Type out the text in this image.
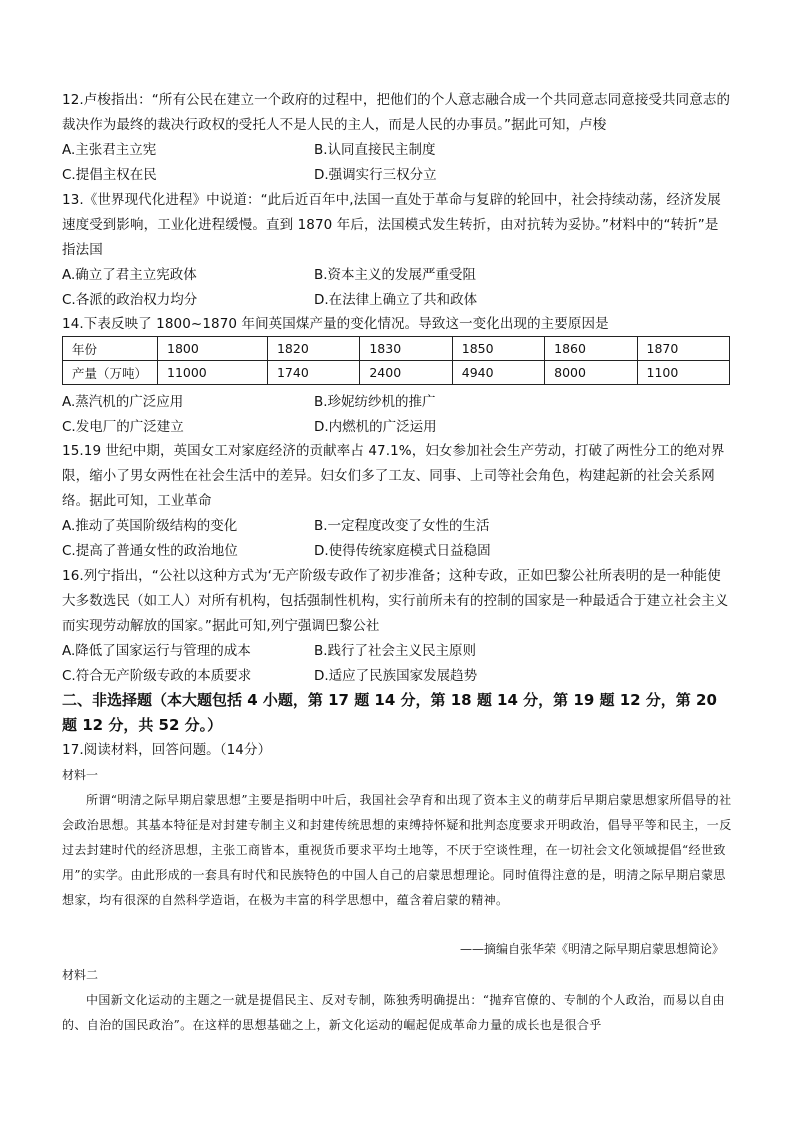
12.卢梭指出：“所有公民在建立一个政府的过程中，把他们的个人意志融合成一个共同意志同意接受共同意志的裁决作为最终的裁决行政权的受托人不是人民的主人，而是人民的办事员。”据此可知，卢梭
A.主张君主立宪	B.认同直接民主制度
C.提倡主权在民	D.强调实行三权分立
13.《世界现代化进程》中说道：“此后近百年中,法国一直处于革命与复辟的轮回中，社会持续动荡，经济发展速度受到影响，工业化进程缓慢。直到 1870 年后，法国模式发生转折，由对抗转为妥协。”材料中的“转折”是指法国
A.确立了君主立宪政体	B.资本主义的发展严重受阻
C.各派的政治权力均分	D.在法律上确立了共和政体
14.下表反映了 1800~1870 年间英国煤产量的变化情况。导致这一变化出现的主要原因是
年份	1800	1820	1830	1850	1860	1870
产量（万吨）	11000	1740	2400	4940	8000	1100
A.蒸汽机的广泛应用	B.珍妮纺纱机的推广
C.发电厂的广泛建立	D.内燃机的广泛运用
15.19 世纪中期，英国女工对家庭经济的贡献率占 47.1%，妇女参加社会生产劳动，打破了两性分工的绝对界限，缩小了男女两性在社会生活中的差异。妇女们多了工友、同事、上司等社会角色，构建起新的社会关系网络。据此可知，工业革命
A.推动了英国阶级结构的变化	B.一定程度改变了女性的生活
C.提高了普通女性的政治地位	D.使得传统家庭模式日益稳固
16.列宁指出，“公社以这种方式为‘无产阶级专政作了初步准备；这种专政，正如巴黎公社所表明的是一种能使大多数选民（如工人）对所有机构，包括强制性机构，实行前所未有的控制的国家是一种最适合于建立社会主义而实现劳动解放的国家。”据此可知,列宁强调巴黎公社
A.降低了国家运行与管理的成本	B.践行了社会主义民主原则
C.符合无产阶级专政的本质要求	D.适应了民族国家发展趋势
二、非选择题（本大题包括 4 小题，第 17 题 14 分，第 18 题 14 分，第 19 题 12 分，第 20 题 12 分，共 52 分。）
17.阅读材料，回答问题。（14分）
材料一
所谓“明清之际早期启蒙思想”主要是指明中叶后，我国社会孕育和出现了资本主义的萌芽后早期启蒙思想家所倡导的社会政治思想。其基本特征是对封建专制主义和封建传统思想的束缚持怀疑和批判态度要求开明政治，倡导平等和民主，一反过去封建时代的经济思想，主张工商皆本，重视货币要求平均土地等，不厌于空谈性理，在一切社会文化领域提倡“经世致用”的实学。由此形成的一套具有时代和民族特色的中国人自己的启蒙思想理论。同时值得注意的是，明清之际早期启蒙思想家，均有很深的自然科学造诣，在极为丰富的科学思想中，蕴含着启蒙的精神。
——摘编自张华荣《明清之际早期启蒙思想简论》
材料二
中国新文化运动的主题之一就是提倡民主、反对专制，陈独秀明确提出：“抛弃官僚的、专制的个人政治，而易以自由的、自治的国民政治”。在这样的思想基础之上，新文化运动的崛起促成革命力量的成长也是很合乎
